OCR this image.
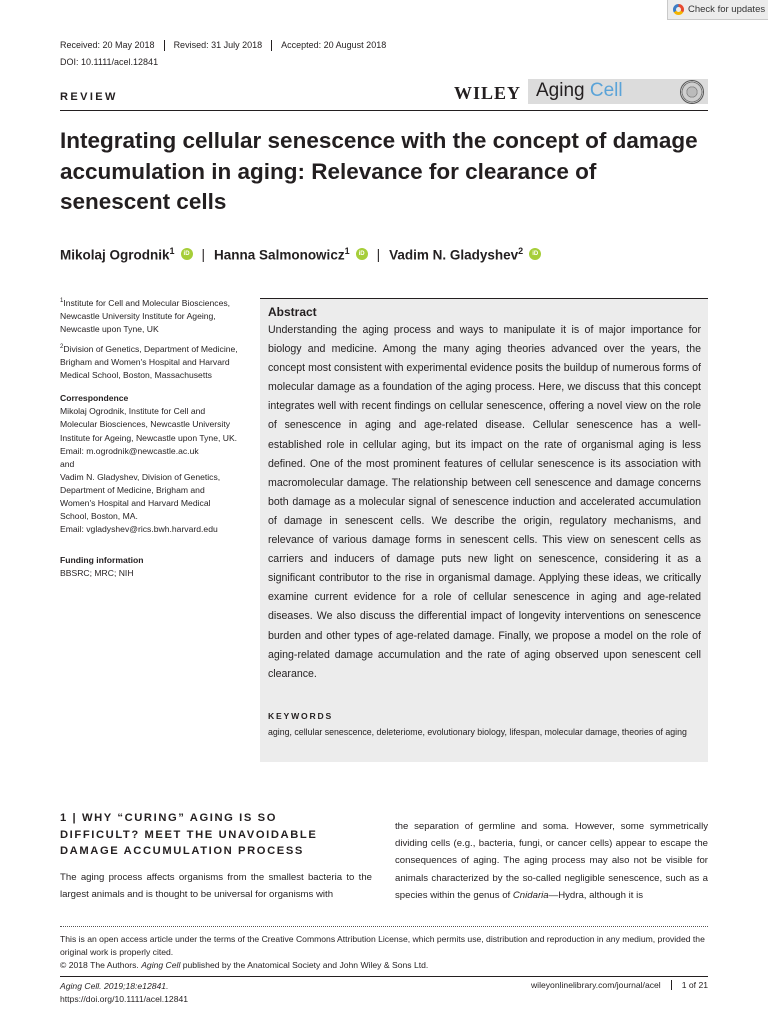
Check for updates
Received: 20 May 2018	Revised: 31 July 2018	Accepted: 20 August 2018
DOI: 10.1111/acel.12841
REVIEW	WILEY Aging Cell
Integrating cellular senescence with the concept of damage accumulation in aging: Relevance for clearance of senescent cells
Mikolaj Ogrodnik$^1$	iD | Hanna Salmonowicz$^1$	iD | Vadim N. Gladyshev$^2$	iD

$^1$Institute for Cell and Molecular Biosciences, Newcastle University Institute for Ageing, Newcastle upon Tyne, UK

$^2$Division of Genetics, Department of Medicine, Brigham and Women's Hospital and Harvard Medical School, Boston, Massachusetts

Correspondence
Mikolaj Ogrodnik, Institute for Cell and Molecular Biosciences, Newcastle University Institute for Ageing, Newcastle upon Tyne, UK.
Email: m.ogrodnik@newcastle.ac.uk
and
Vadim N. Gladyshev, Division of Genetics, Department of Medicine, Brigham and Women's Hospital and Harvard Medical School, Boston, MA.
Email: vgladyshev@rics.bwh.harvard.edu
Funding information
BBSRC; MRC; NIH
Abstract
Understanding the aging process and ways to manipulate it is of major importance for biology and medicine. Among the many aging theories advanced over the years, the concept most consistent with experimental evidence posits the buildup of numerous forms of molecular damage as a foundation of the aging process. Here, we discuss that this concept integrates well with recent findings on cellular senescence, offering a novel view on the role of senescence in aging and age-related disease. Cellular senescence has a well-established role in cellular aging, but its impact on the rate of organismal aging is less defined. One of the most prominent features of cellular senescence is its association with macromolecular damage. The relationship between cell senescence and damage concerns both damage as a molecular signal of senescence induction and accelerated accumulation of damage in senescent cells. We describe the origin, regulatory mechanisms, and relevance of various damage forms in senescent cells. This view on senescent cells as carriers and inducers of damage puts new light on senescence, considering it as a significant contributor to the rise in organismal damage. Applying these ideas, we critically examine current evidence for a role of cellular senescence in aging and age-related diseases. We also discuss the differential impact of longevity interventions on senescence burden and other types of age-related damage. Finally, we propose a model on the role of aging-related damage accumulation and the rate of aging observed upon senescent cell clearance.
KEYWORDS
aging, cellular senescence, deleteriome, evolutionary biology, lifespan, molecular damage, theories of aging
1 | WHY “CURING” AGING IS SO DIFFICULT? MEET THE UNAVOIDABLE DAMAGE ACCUMULATION PROCESS

The aging process affects organisms from the smallest bacteria to the largest animals and is thought to be universal for organisms with

the separation of germline and soma. However, some symmetrically dividing cells (e.g., bacteria, fungi, or cancer cells) appear to escape the consequences of aging. The aging process may also not be visible for animals characterized by the so-called negligible senescence, such as a species within the genus of Cnidaria—Hydra, although it is

This is an open access article under the terms of the Creative Commons Attribution License, which permits use, distribution and reproduction in any medium, provided the original work is properly cited.
© 2018 The Authors. Aging Cell published by the Anatomical Society and John Wiley & Sons Ltd.
Aging Cell. 2019;18:e12841.
https://doi.org/10.1111/acel.12841
wileyonlinelibrary.com/journal/acel	1 of 21
